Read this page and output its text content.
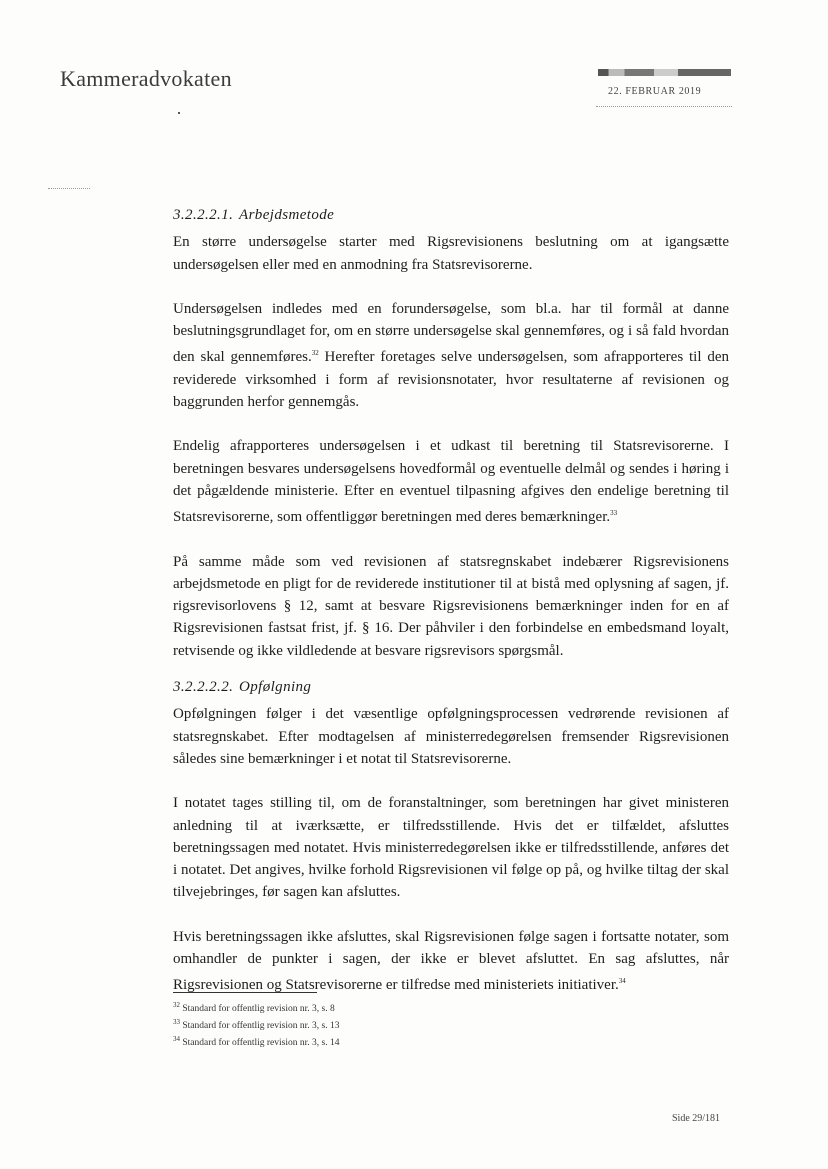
Kammeradvokaten
22. FEBRUAR 2019
3.2.2.2.1. Arbejdsmetode

En større undersøgelse starter med Rigsrevisionens beslutning om at igangsætte undersøgelsen eller med en anmodning fra Statsrevisorerne.

Undersøgelsen indledes med en forundersøgelse, som bl.a. har til formål at danne beslutningsgrundlaget for, om en større undersøgelse skal gennemføres, og i så fald hvordan den skal gennemføres.$^{32}$ Herefter foretages selve undersøgelsen, som afrapporteres til den reviderede virksomhed i form af revisionsnotater, hvor resultaterne af revisionen og baggrunden herfor gennemgås.

Endelig afrapporteres undersøgelsen i et udkast til beretning til Statsrevisorerne. I beretningen besvares undersøgelsens hovedformål og eventuelle delmål og sendes i høring i det pågældende ministerie. Efter en eventuel tilpasning afgives den endelige beretning til Statsrevisorerne, som offentliggør beretningen med deres bemærkninger.$^{33}$

På samme måde som ved revisionen af statsregnskabet indebærer Rigsrevisionens arbejdsmetode en pligt for de reviderede institutioner til at bistå med oplysning af sagen, jf. rigsrevisorlovens § 12, samt at besvare Rigsrevisionens bemærkninger inden for en af Rigsrevisionen fastsat frist, jf. § 16. Der påhviler i den forbindelse en embedsmand loyalt, retvisende og ikke vildledende at besvare rigsrevisors spørgsmål.

3.2.2.2.2. Opfølgning

Opfølgningen følger i det væsentlige opfølgningsprocessen vedrørende revisionen af statsregnskabet. Efter modtagelsen af ministerredegørelsen fremsender Rigsrevisionen således sine bemærkninger i et notat til Statsrevisorerne.

I notatet tages stilling til, om de foranstaltninger, som beretningen har givet ministeren anledning til at iværksætte, er tilfredsstillende. Hvis det er tilfældet, afsluttes beretningssagen med notatet. Hvis ministerredegørelsen ikke er tilfredsstillende, anføres det i notatet. Det angives, hvilke forhold Rigsrevisionen vil følge op på, og hvilke tiltag der skal tilvejebringes, før sagen kan afsluttes.

Hvis beretningssagen ikke afsluttes, skal Rigsrevisionen følge sagen i fortsatte notater, som omhandler de punkter i sagen, der ikke er blevet afsluttet. En sag afsluttes, når Rigsrevisionen og Statsrevisorerne er tilfredse med ministeriets initiativer.$^{34}$

$^{32}$ Standard for offentlig revision nr. 3, s. 8
$^{33}$ Standard for offentlig revision nr. 3, s. 13
$^{34}$ Standard for offentlig revision nr. 3, s. 14
Side 29/181
